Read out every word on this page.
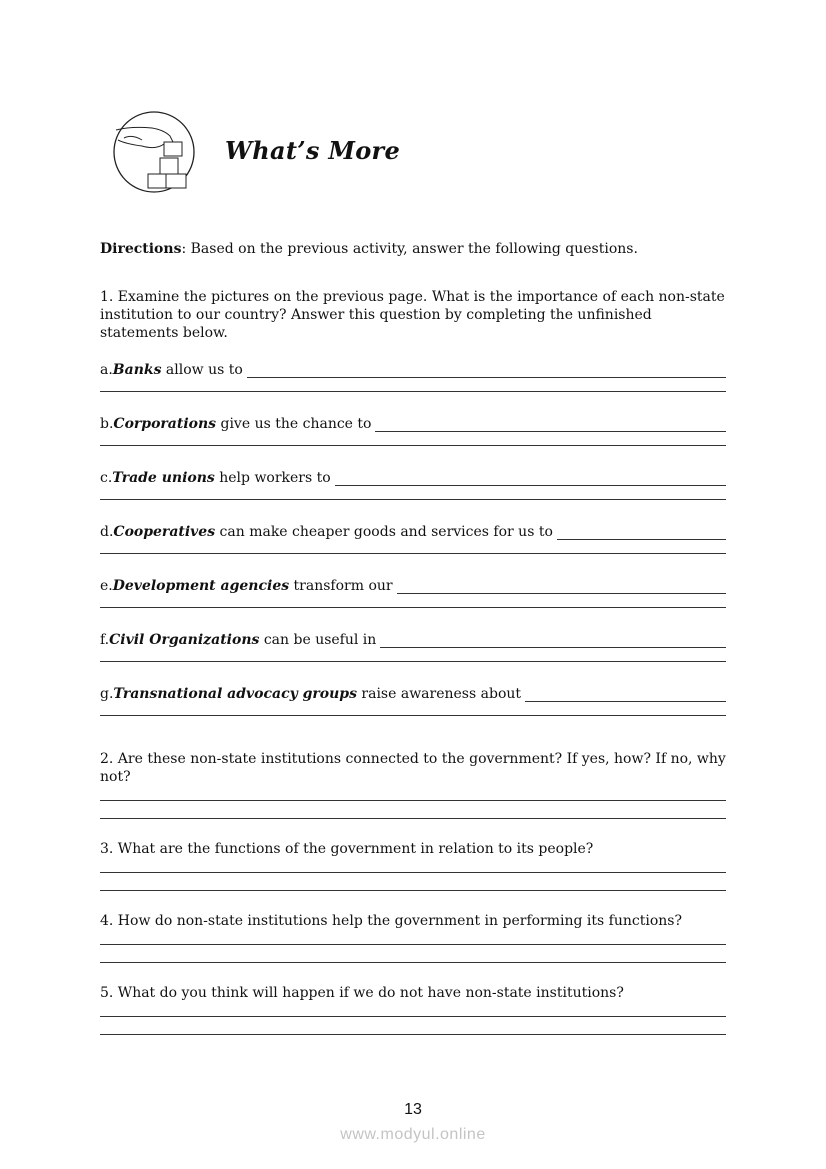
What’s More
Directions: Based on the previous activity, answer the following questions.
1. Examine the pictures on the previous page. What is the importance of each non-state institution to our country? Answer this question by completing the unfinished statements below.
a. Banks allow us to
b. Corporations give us the chance to
c. Trade unions help workers to
d. Cooperatives can make cheaper goods and services for us to
e. Development agencies transform our
f. Civil Organizations can be useful in
g. Transnational advocacy groups raise awareness about
2. Are these non-state institutions connected to the government? If yes, how? If no, why not?
3. What are the functions of the government in relation to its people?
4. How do non-state institutions help the government in performing its functions?
5. What do you think will happen if we do not have non-state institutions?
13
www.modyul.online
